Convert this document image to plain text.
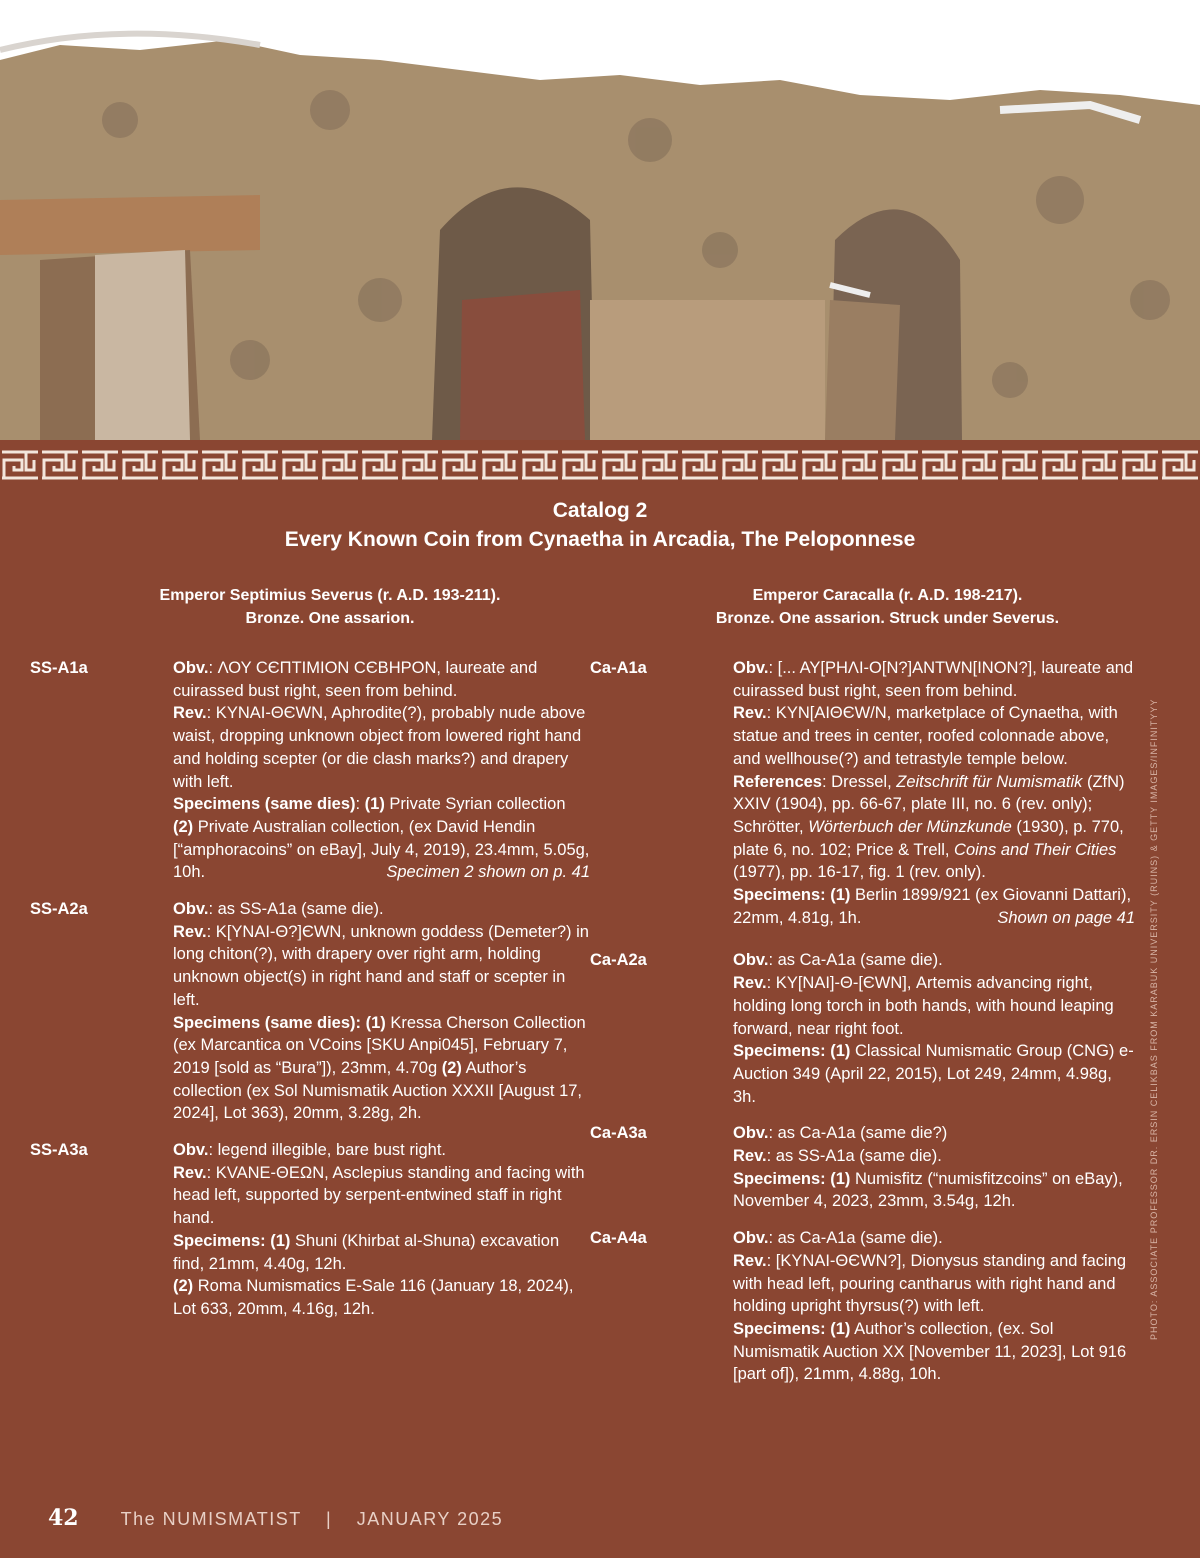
Catalog 2
Every Known Coin from Cynaetha in Arcadia, The Peloponnese
Emperor Septimius Severus (r. A.D. 193-211).
Bronze. One assarion.
SS-A1a	Obv.: ΛΟΥ CЄΠΤΙΜΙΟΝ CЄΒΗΡΟΝ, laureate and cuirassed bust right, seen from behind.

Rev.: KYNAI-ΘЄWN, Aphrodite(?), probably nude above waist, dropping unknown object from lowered right hand and holding scepter (or die clash marks?) and drapery with left.

Specimens (same dies): (1) Private Syrian collection
(2) Private Australian collection, (ex David Hendin [“amphoracoins” on eBay], July 4, 2019), 23.4mm, 5.05g, 10h.	Specimen 2 shown on p. 41

SS-A2a	Obv.: as SS-A1a (same die).

Rev.: K[YNAI-Θ?]ЄWN, unknown goddess (Demeter?) in long chiton(?), with drapery over right arm, holding unknown object(s) in right hand and staff or scepter in left.

Specimens (same dies): (1) Kressa Cherson Collection (ex Marcantica on VCoins [SKU Anpi045], February 7, 2019 [sold as “Bura”]), 23mm, 4.70g (2) Author’s collection (ex Sol Numismatik Auction XXXII [August 17, 2024], Lot 363), 20mm, 3.28g, 2h.

SS-A3a	Obv.: legend illegible, bare bust right.

Rev.: KVANE-ΘEΩN, Asclepius standing and facing with head left, supported by serpent-entwined staff in right hand.

Specimens: (1) Shuni (Khirbat al-Shuna) excavation find, 21mm, 4.40g, 12h.
(2) Roma Numismatics E-Sale 116 (January 18, 2024), Lot 633, 20mm, 4.16g, 12h.

Emperor Caracalla (r. A.D. 198-217).
Bronze. One assarion. Struck under Severus.
Ca-A1a	Obv.: [... AY[PHΛI-O[N?]ANTWN[INON?], laureate and cuirassed bust right, seen from behind.

Rev.: KYN[AIΘЄW/N, marketplace of Cynaetha, with statue and trees in center, roofed colonnade above, and wellhouse(?) and tetrastyle temple below.

References: Dressel, Zeitschrift für Numismatik (ZfN) XXIV (1904), pp. 66-67, plate III, no. 6 (rev. only); Schrötter, Wörterbuch der Münzkunde (1930), p. 770, plate 6, no. 102; Price & Trell, Coins and Their Cities (1977), pp. 16-17, fig. 1 (rev. only).

Specimens: (1) Berlin 1899/921 (ex Giovanni Dattari), 22mm, 4.81g, 1h.	Shown on page 41

Ca-A2a	Obv.: as Ca-A1a (same die).

Rev.: KY[NAI]-Θ-[ЄWN], Artemis advancing right, holding long torch in both hands, with hound leaping forward, near right foot.

Specimens: (1) Classical Numismatic Group (CNG) e-Auction 349 (April 22, 2015), Lot 249, 24mm, 4.98g, 3h.

Ca-A3a	Obv.: as Ca-A1a (same die?)

Rev.: as SS-A1a (same die).

Specimens: (1) Numisfitz (“numisfitzcoins” on eBay), November 4, 2023, 23mm, 3.54g, 12h.

Ca-A4a	Obv.: as Ca-A1a (same die).

Rev.: [KYNAI-ΘЄWN?], Dionysus standing and facing with head left, pouring cantharus with right hand and holding upright thyrsus(?) with left.

Specimens: (1) Author’s collection, (ex. Sol Numismatik Auction XX [November 11, 2023], Lot 916 [part of]), 21mm, 4.88g, 10h.

PHOTO: ASSOCIATE PROFESSOR DR. ERSIN CELIKBAS FROM KARABUK UNIVERSITY (RUINS) & GETTY IMAGES/INFINITYYY
42 The NUMISMATIST | JANUARY 2025
